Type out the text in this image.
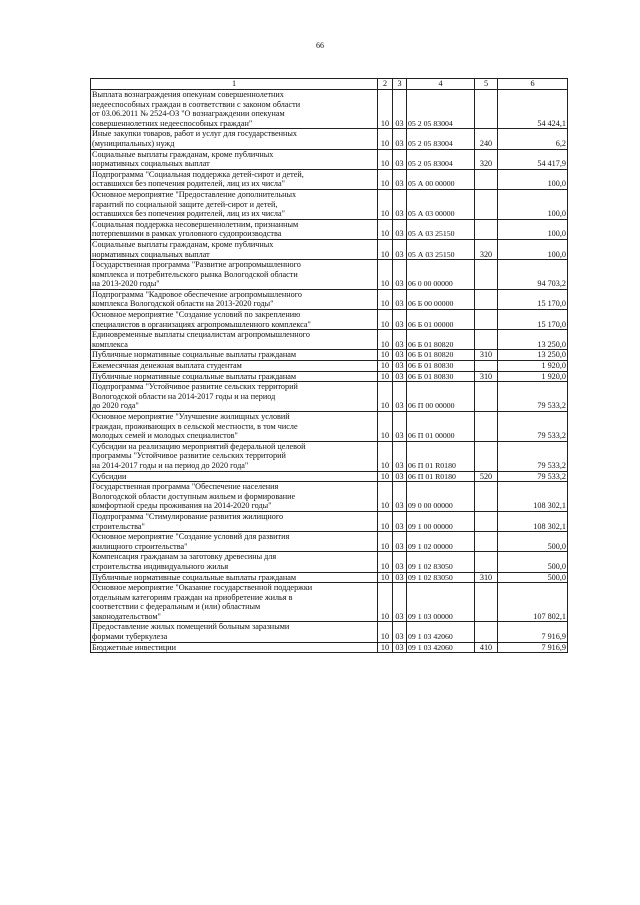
66
1	2	3	4	5	6

Выплата вознаграждения опекунам совершеннолетних
недееспособных граждан в соответствии с законом области
от 03.06.2011 № 2524-ОЗ "О вознаграждении опекунам
совершеннолетних недееспособных граждан"	10	03	05 2 05 83004		54 424,1

Иные закупки товаров, работ и услуг для государственных
(муниципальных) нужд	10	03	05 2 05 83004	240	6,2

Социальные выплаты гражданам, кроме публичных
нормативных социальных выплат	10	03	05 2 05 83004	320	54 417,9

Подпрограмма "Социальная поддержка детей-сирот и детей,
оставшихся без попечения родителей, лиц из их числа"	10	03	05 А 00 00000		100,0

Основное мероприятие "Предоставление дополнительных
гарантий по социальной защите детей-сирот и детей,
оставшихся без попечения родителей, лиц из их числа"	10	03	05 А 03 00000		100,0

Социальная поддержка несовершеннолетним, признанным
потерпевшими в рамках уголовного судопроизводства	10	03	05 А 03 25150		100,0

Социальные выплаты гражданам, кроме публичных
нормативных социальных выплат	10	03	05 А 03 25150	320	100,0

Государственная программа "Развитие агропромышленного
комплекса и потребительского рынка Вологодской области
на 2013-2020 годы"	10	03	06 0 00 00000		94 703,2

Подпрограмма "Кадровое обеспечение агропромышленного
комплекса Вологодской области на 2013-2020 годы"	10	03	06 Б 00 00000		15 170,0

Основное мероприятие "Создание условий по закреплению
специалистов в организациях агропромышленного комплекса"	10	03	06 Б 01 00000		15 170,0

Единовременные выплаты специалистам агропромышленного
комплекса	10	03	06 Б 01 80820		13 250,0

Публичные нормативные социальные выплаты гражданам	10	03	06 Б 01 80820	310	13 250,0

Ежемесячная денежная выплата студентам	10	03	06 Б 01 80830		1 920,0

Публичные нормативные социальные выплаты гражданам	10	03	06 Б 01 80830	310	1 920,0

Подпрограмма "Устойчивое развитие сельских территорий
Вологодской области на 2014-2017 годы и на период
до 2020 года"	10	03	06 П 00 00000		79 533,2

Основное мероприятие "Улучшение жилищных условий
граждан, проживающих в сельской местности, в том числе
молодых семей и молодых специалистов"	10	03	06 П 01 00000		79 533,2

Субсидии на реализацию мероприятий федеральной целевой
программы "Устойчивое развитие сельских территорий
на 2014-2017 годы и на период до 2020 года"	10	03	06 П 01 R0180		79 533,2

Субсидии	10	03	06 П 01 R0180	520	79 533,2

Государственная программа "Обеспечение населения
Вологодской области доступным жильем и формирование
комфортной среды проживания на 2014-2020 годы"	10	03	09 0 00 00000		108 302,1

Подпрограмма "Стимулирование развития жилищного
строительства"	10	03	09 1 00 00000		108 302,1

Основное мероприятие "Создание условий для развития
жилищного строительства"	10	03	09 1 02 00000		500,0

Компенсация гражданам за заготовку древесины для
строительства индивидуального жилья	10	03	09 1 02 83050		500,0

Публичные нормативные социальные выплаты гражданам	10	03	09 1 02 83050	310	500,0

Основное мероприятие "Оказание государственной поддержки
отдельным категориям граждан на приобретение жилья в
соответствии с федеральным и (или) областным
законодательством"	10	03	09 1 03 00000		107 802,1

Предоставление жилых помещений больным заразными
формами туберкулеза	10	03	09 1 03 42060		7 916,9

Бюджетные инвестиции	10	03	09 1 03 42060	410	7 916,9
